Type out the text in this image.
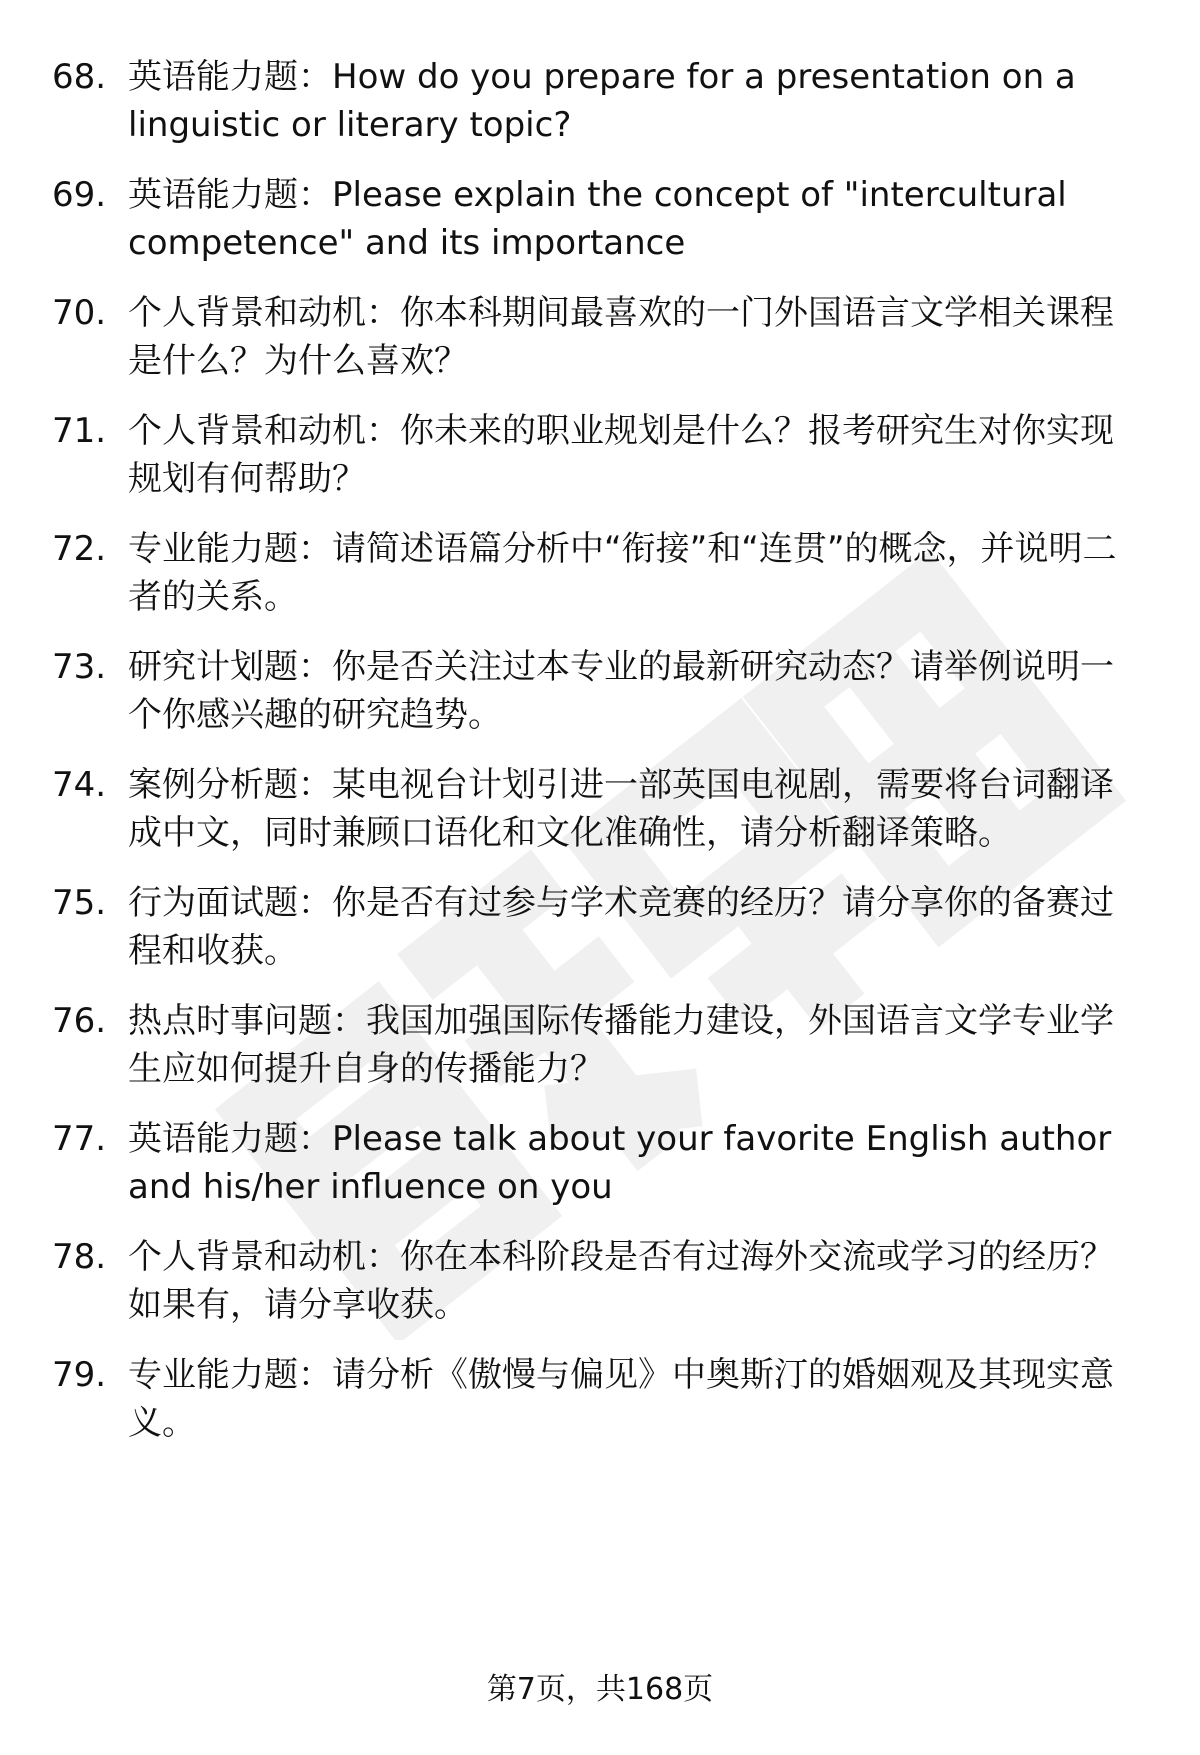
68. 英语能力题：How do you prepare for a presentation on a linguistic or literary topic?

69. 英语能力题：Please explain the concept of "intercultural competence" and its importance

70. 个人背景和动机：你本科期间最喜欢的一门外国语言文学相关课程是什么？为什么喜欢？

71. 个人背景和动机：你未来的职业规划是什么？报考研究生对你实现规划有何帮助？

72. 专业能力题：请简述语篇分析中“衔接”和“连贯”的概念，并说明二者的关系。

73. 研究计划题：你是否关注过本专业的最新研究动态？请举例说明一个你感兴趣的研究趋势。

74. 案例分析题：某电视台计划引进一部英国电视剧，需要将台词翻译成中文，同时兼顾口语化和文化准确性，请分析翻译策略。

75. 行为面试题：你是否有过参与学术竞赛的经历？请分享你的备赛过程和收获。

76. 热点时事问题：我国加强国际传播能力建设，外国语言文学专业学生应如何提升自身的传播能力？

77. 英语能力题：Please talk about your favorite English author and his/her influence on you

78. 个人背景和动机：你在本科阶段是否有过海外交流或学习的经历？如果有，请分享收获。

79. 专业能力题：请分析《傲慢与偏见》中奥斯汀的婚姻观及其现实意义。

第7页，共168页
